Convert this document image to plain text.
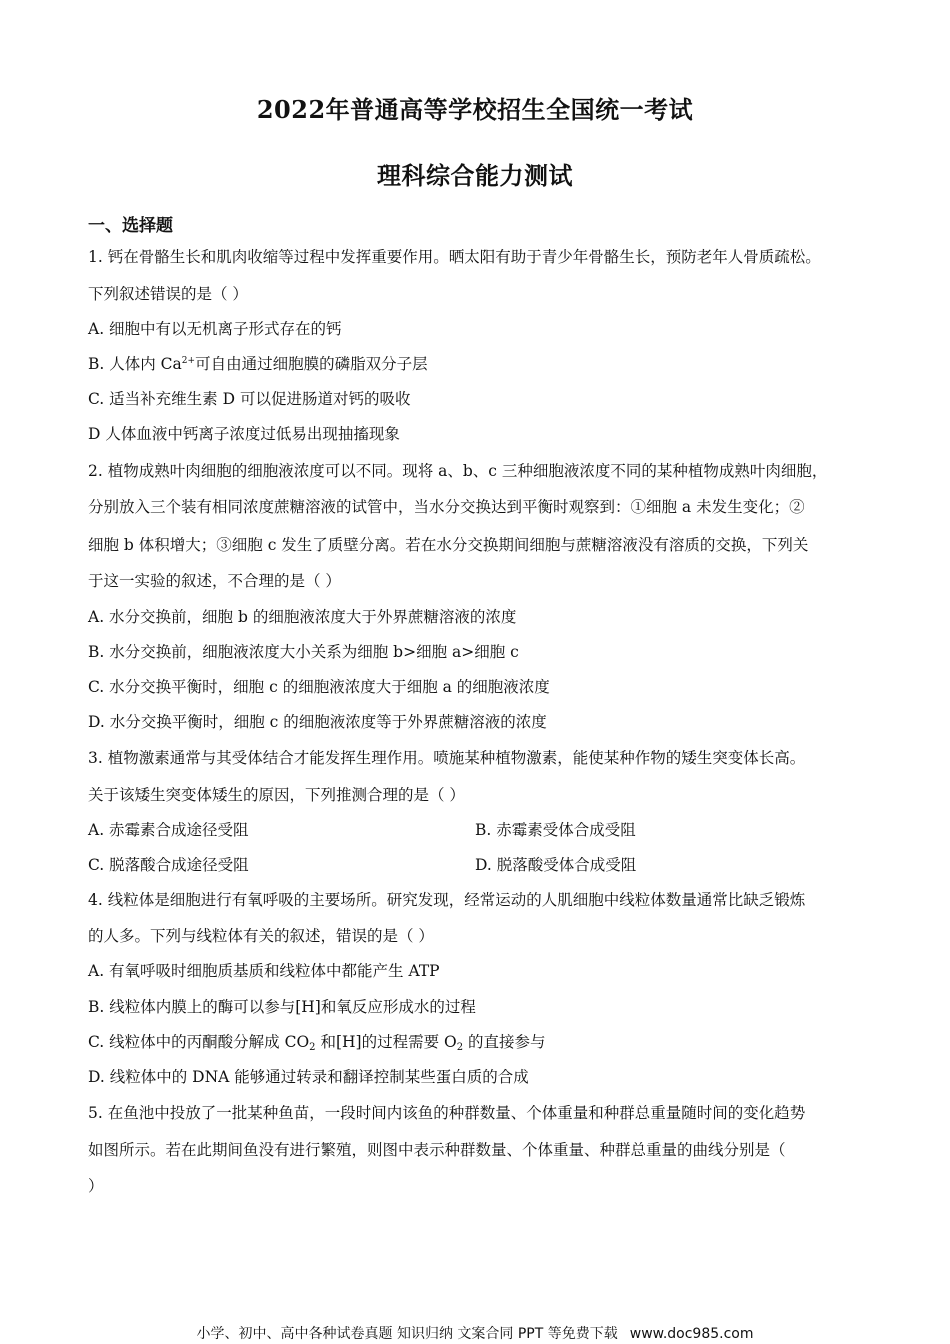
2022年普通高等学校招生全国统一考试
理科综合能力测试
一、选择题
1. 钙在骨骼生长和肌肉收缩等过程中发挥重要作用。晒太阳有助于青少年骨骼生长，预防老年人骨质疏松。
下列叙述错误的是（ ）
A. 细胞中有以无机离子形式存在的钙
B. 人体内 $Ca^{2+}$可自由通过细胞膜的磷脂双分子层
C. 适当补充维生素 D 可以促进肠道对钙的吸收
D 人体血液中钙离子浓度过低易出现抽搐现象
2. 植物成熟叶肉细胞的细胞液浓度可以不同。现将 a、b、c 三种细胞液浓度不同的某种植物成熟叶肉细胞，
分别放入三个装有相同浓度蔗糖溶液的试管中，当水分交换达到平衡时观察到：①细胞 a 未发生变化；②
细胞 b 体积增大；③细胞 c 发生了质壁分离。若在水分交换期间细胞与蔗糖溶液没有溶质的交换，下列关
于这一实验的叙述，不合理的是（ ）
A. 水分交换前，细胞 b 的细胞液浓度大于外界蔗糖溶液的浓度
B. 水分交换前，细胞液浓度大小关系为细胞 b>细胞 a>细胞 c
C. 水分交换平衡时，细胞 c 的细胞液浓度大于细胞 a 的细胞液浓度
D. 水分交换平衡时，细胞 c 的细胞液浓度等于外界蔗糖溶液的浓度
3. 植物激素通常与其受体结合才能发挥生理作用。喷施某种植物激素，能使某种作物的矮生突变体长高。
关于该矮生突变体矮生的原因，下列推测合理的是（ ）
A. 赤霉素合成途径受阻	B. 赤霉素受体合成受阻
C. 脱落酸合成途径受阻	D. 脱落酸受体合成受阻
4. 线粒体是细胞进行有氧呼吸的主要场所。研究发现，经常运动的人肌细胞中线粒体数量通常比缺乏锻炼
的人多。下列与线粒体有关的叙述，错误的是（ ）
A. 有氧呼吸时细胞质基质和线粒体中都能产生 ATP
B. 线粒体内膜上的酶可以参与[H]和氧反应形成水的过程
C. 线粒体中的丙酮酸分解成 $CO_2$ 和[H]的过程需要 $O_2$ 的直接参与
D. 线粒体中的 DNA 能够通过转录和翻译控制某些蛋白质的合成
5. 在鱼池中投放了一批某种鱼苗，一段时间内该鱼的种群数量、个体重量和种群总重量随时间的变化趋势
如图所示。若在此期间鱼没有进行繁殖，则图中表示种群数量、个体重量、种群总重量的曲线分别是（
）
小学、初中、高中各种试卷真题 知识归纳 文案合同 PPT 等免费下载 www.doc985.com
